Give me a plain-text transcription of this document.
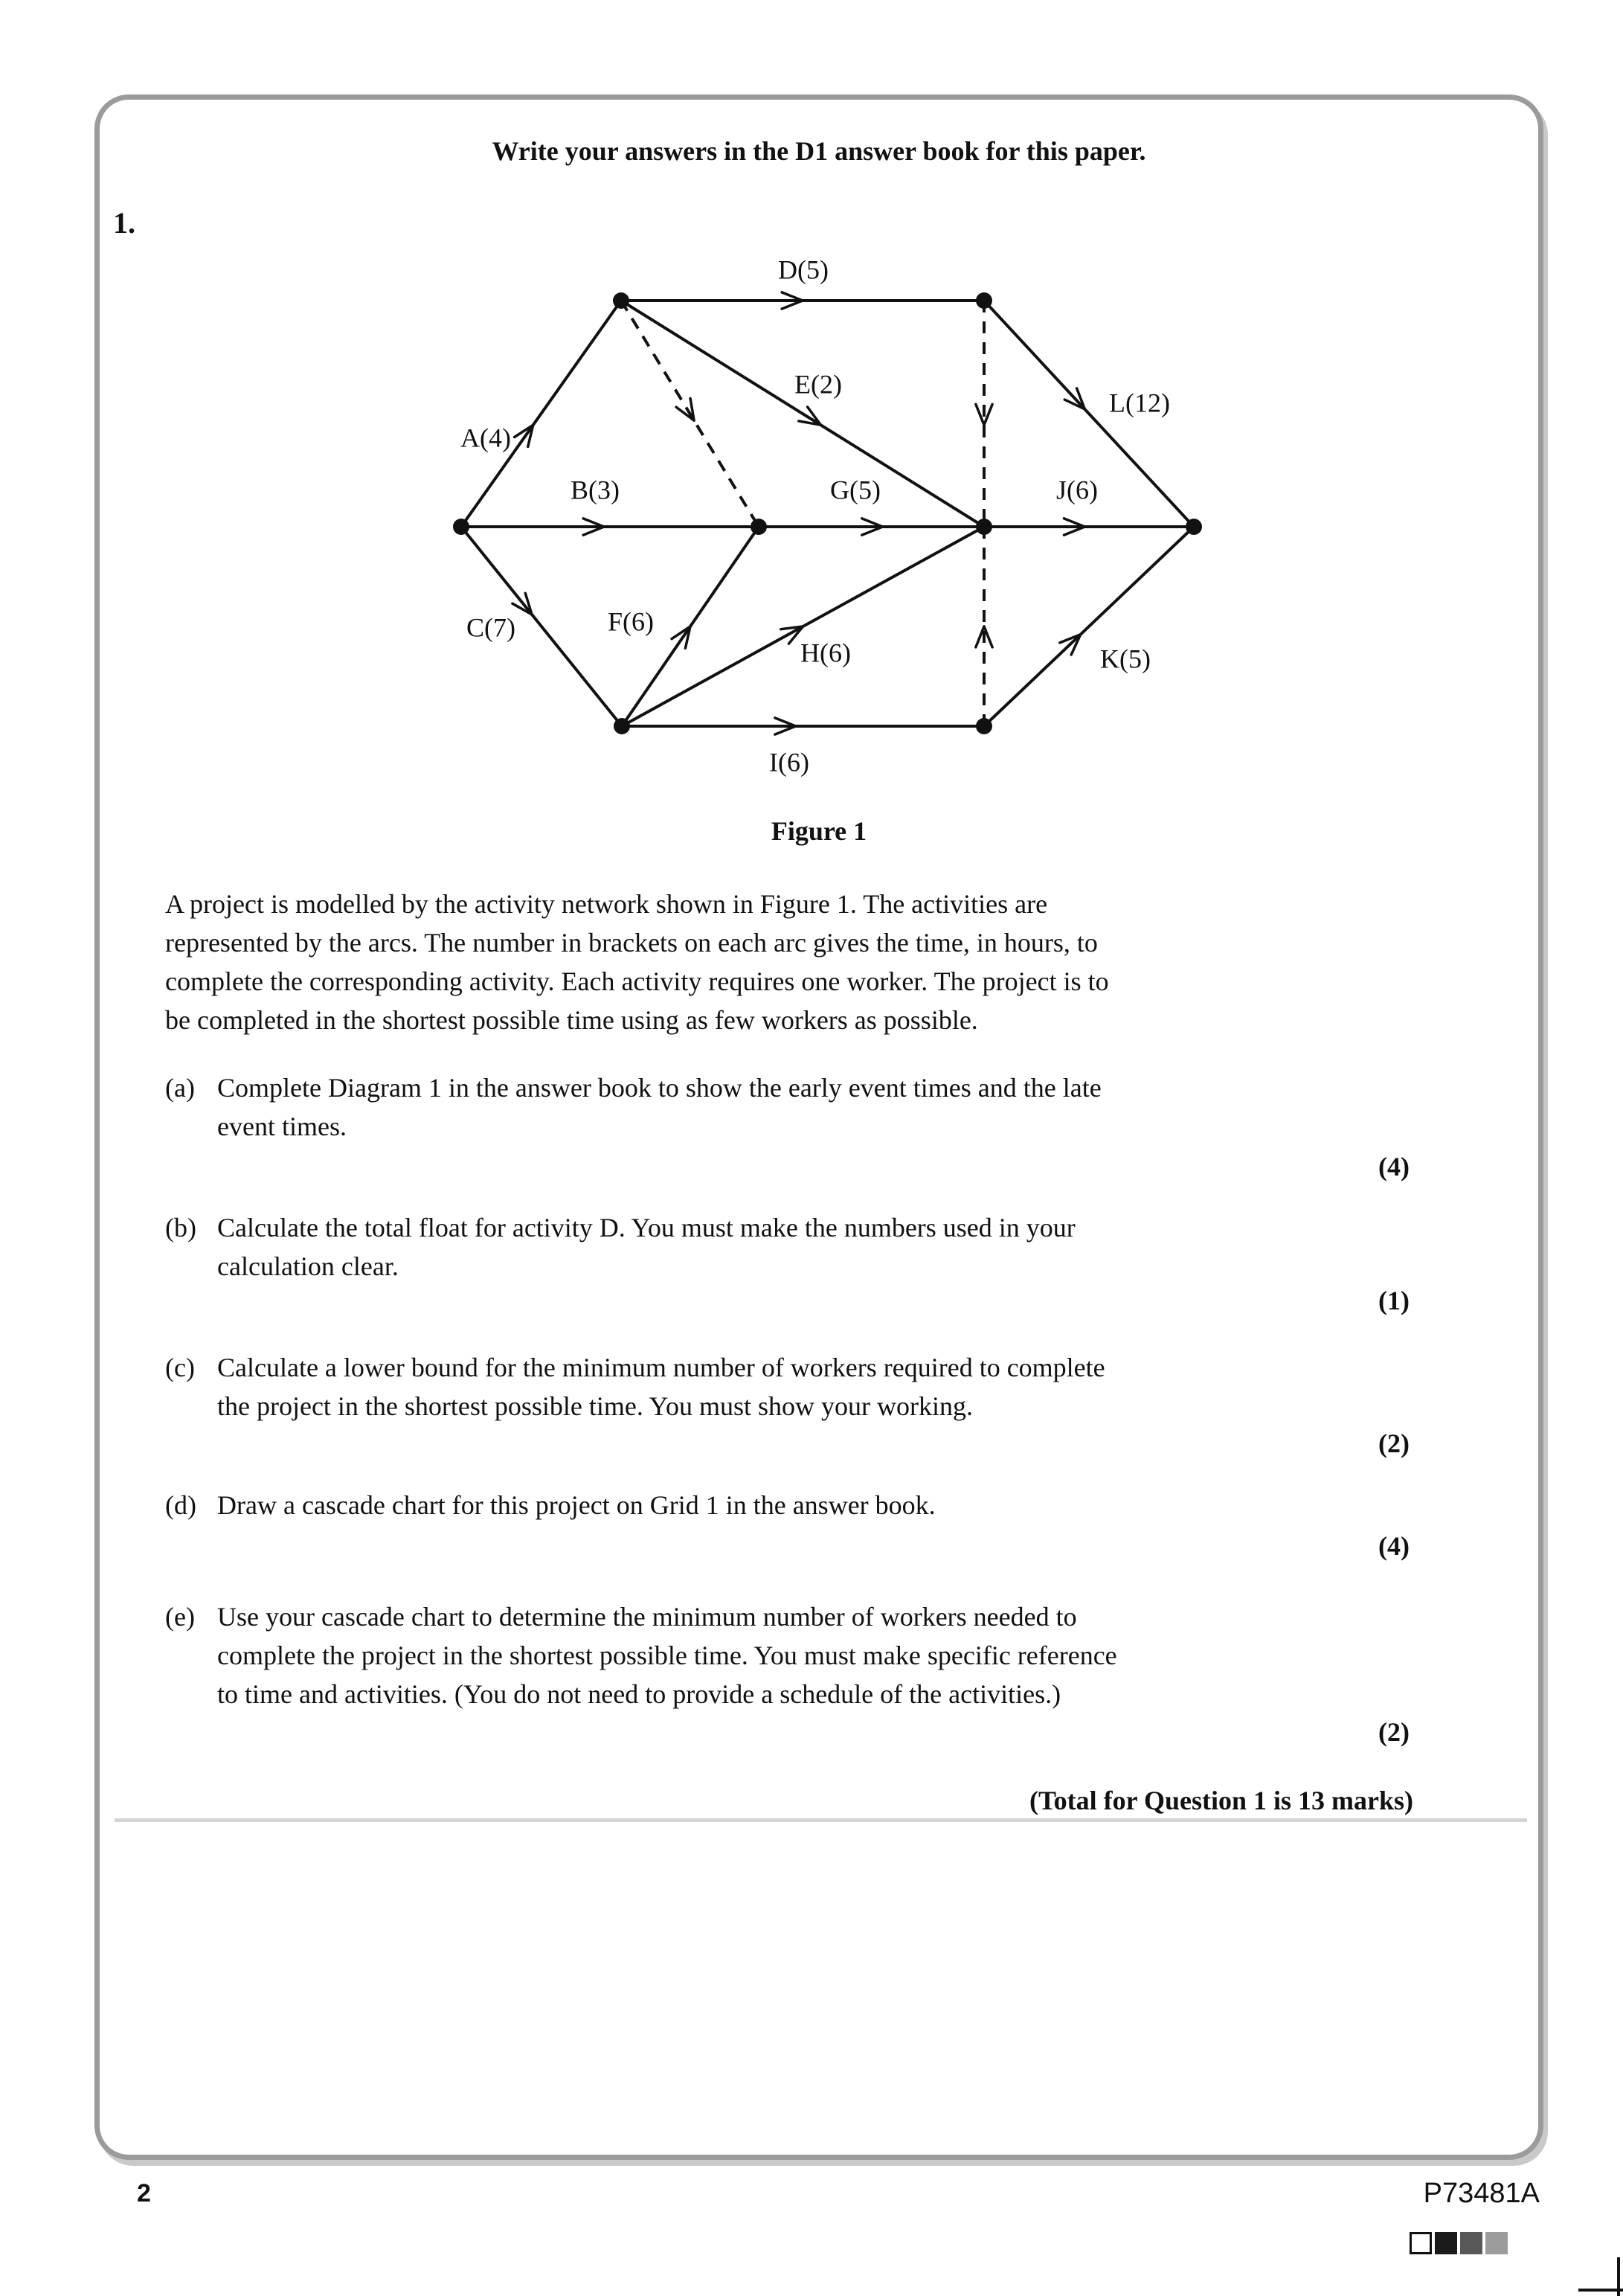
Write your answers in the D1 answer book for this paper.
1.
A(4)
B(3)
C(7)
D(5)
E(2)
G(5)
F(6)
H(6)
I(6)
J(6)
L(12)
K(5)
Figure 1
A project is modelled by the activity network shown in Figure 1. The activities are
represented by the arcs. The number in brackets on each arc gives the time, in hours, to
complete the corresponding activity. Each activity requires one worker. The project is to
be completed in the shortest possible time using as few workers as possible.
(a) Complete Diagram 1 in the answer book to show the early event times and the late
event times.
(4)
(b) Calculate the total float for activity D. You must make the numbers used in your
calculation clear.
(1)
(c) Calculate a lower bound for the minimum number of workers required to complete
the project in the shortest possible time. You must show your working.
(2)
(d) Draw a cascade chart for this project on Grid 1 in the answer book.
(4)
(e) Use your cascade chart to determine the minimum number of workers needed to
complete the project in the shortest possible time. You must make specific reference
to time and activities. (You do not need to provide a schedule of the activities.)
(2)
(Total for Question 1 is 13 marks)
2	P73481A
